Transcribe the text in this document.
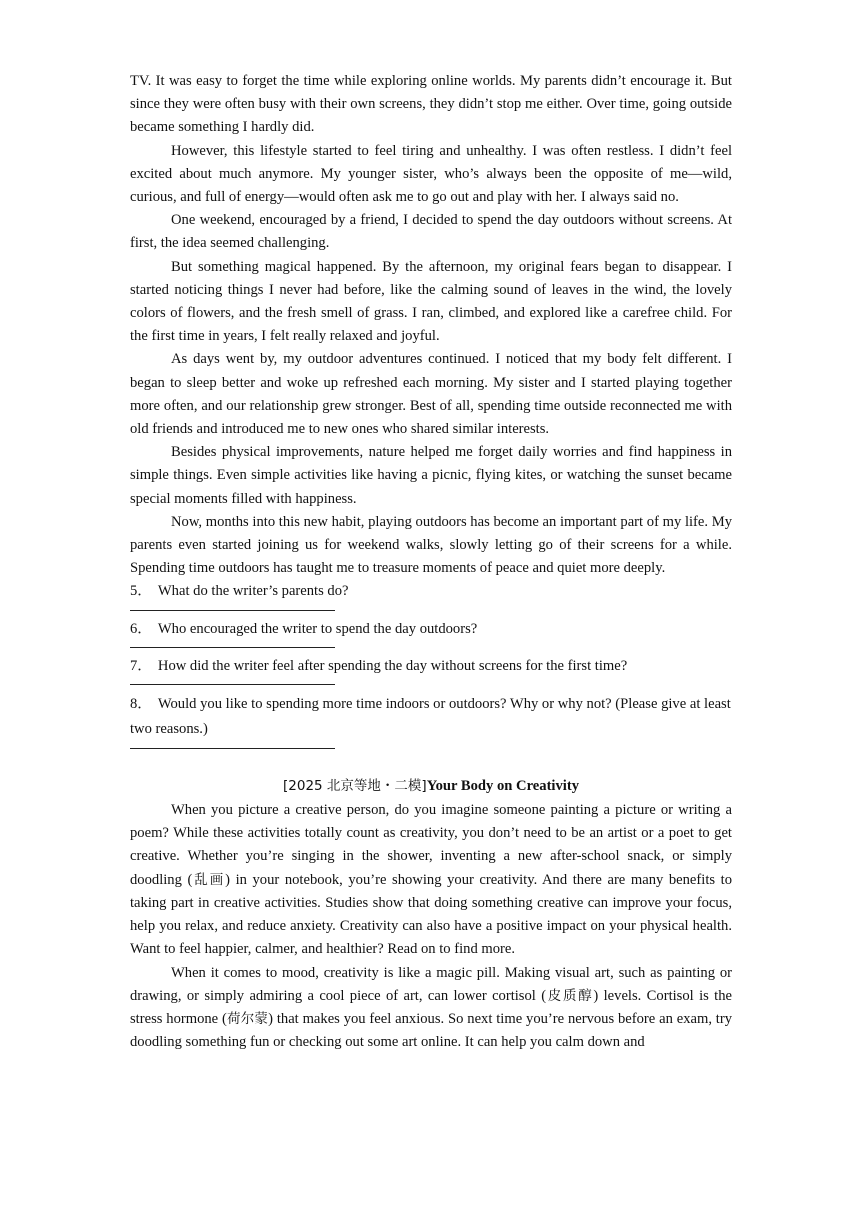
TV. It was easy to forget the time while exploring online worlds. My parents didn’t encourage it. But since they were often busy with their own screens, they didn’t stop me either. Over time, going outside became something I hardly did.

However, this lifestyle started to feel tiring and unhealthy. I was often restless. I didn’t feel excited about much anymore. My younger sister, who’s always been the opposite of me—wild, curious, and full of energy—would often ask me to go out and play with her. I always said no.

One weekend, encouraged by a friend, I decided to spend the day outdoors without screens. At first, the idea seemed challenging.

But something magical happened. By the afternoon, my original fears began to disappear. I started noticing things I never had before, like the calming sound of leaves in the wind, the lovely colors of flowers, and the fresh smell of grass. I ran, climbed, and explored like a carefree child. For the first time in years, I felt really relaxed and joyful.

As days went by, my outdoor adventures continued. I noticed that my body felt different. I began to sleep better and woke up refreshed each morning. My sister and I started playing together more often, and our relationship grew stronger. Best of all, spending time outside reconnected me with old friends and introduced me to new ones who shared similar interests.

Besides physical improvements, nature helped me forget daily worries and find happiness in simple things. Even simple activities like having a picnic, flying kites, or watching the sunset became special moments filled with happiness.

Now, months into this new habit, playing outdoors has become an important part of my life. My parents even started joining us for weekend walks, slowly letting go of their screens for a while. Spending time outdoors has taught me to treasure moments of peace and quiet more deeply.

5． What do the writer’s parents do?

6． Who encouraged the writer to spend the day outdoors?

7． How did the writer feel after spending the day without screens for the first time?

8． Would you like to spending more time indoors or outdoors? Why or why not? (Please give at least two reasons.)

[2025 北京等地・二模]Your Body on Creativity

When you picture a creative person, do you imagine someone painting a picture or writing a poem? While these activities totally count as creativity, you don’t need to be an artist or a poet to get creative. Whether you’re singing in the shower, inventing a new after-school snack, or simply doodling (乱画) in your notebook, you’re showing your creativity. And there are many benefits to taking part in creative activities. Studies show that doing something creative can improve your focus, help you relax, and reduce anxiety. Creativity can also have a positive impact on your physical health. Want to feel happier, calmer, and healthier? Read on to find more.

When it comes to mood, creativity is like a magic pill. Making visual art, such as painting or drawing, or simply admiring a cool piece of art, can lower cortisol (皮质醇) levels. Cortisol is the stress hormone (荷尔蒙) that makes you feel anxious. So next time you’re nervous before an exam, try doodling something fun or checking out some art online. It can help you calm down and
